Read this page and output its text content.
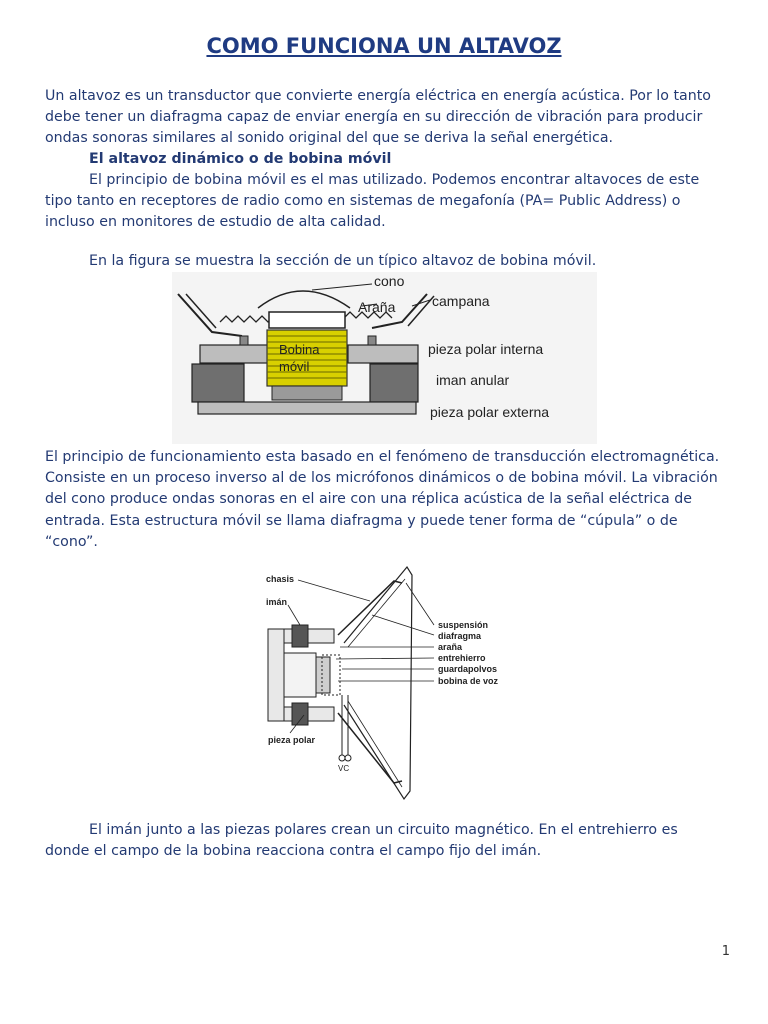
COMO FUNCIONA UN ALTAVOZ

Un altavoz es un transductor que convierte energía eléctrica en energía acústica. Por lo tanto debe tener un diafragma capaz de enviar energía en su dirección de vibración para producir ondas sonoras similares al sonido original del que se deriva la señal energética.

El altavoz dinámico o de bobina móvil

El principio de bobina móvil es el mas utilizado. Podemos encontrar altavoces de este tipo tanto en receptores de radio como en sistemas de megafonía (PA= Public Address) o incluso en monitores de estudio de alta calidad.

En la figura se muestra la sección de un típico altavoz de bobina móvil.

Bobina
móvil
cono
Araña	campana
pieza polar interna
iman anular
pieza polar externa

El principio de funcionamiento esta basado en el fenómeno de transducción electromagnética. Consiste en un proceso inverso al de los micrófonos dinámicos o de bobina móvil. La vibración del cono produce ondas sonoras en el aire con una réplica acústica de la señal eléctrica de entrada. Esta estructura móvil se llama diafragma y puede tener forma de “cúpula” o de “cono”.

chasis
imán
suspensión
diafragma
araña
entrehierro
guardapolvos
bobina de voz
pieza polar
VC

El imán junto a las piezas polares crean un circuito magnético. En el entrehierro es donde el campo de la bobina reacciona contra el campo fijo del imán.

1
